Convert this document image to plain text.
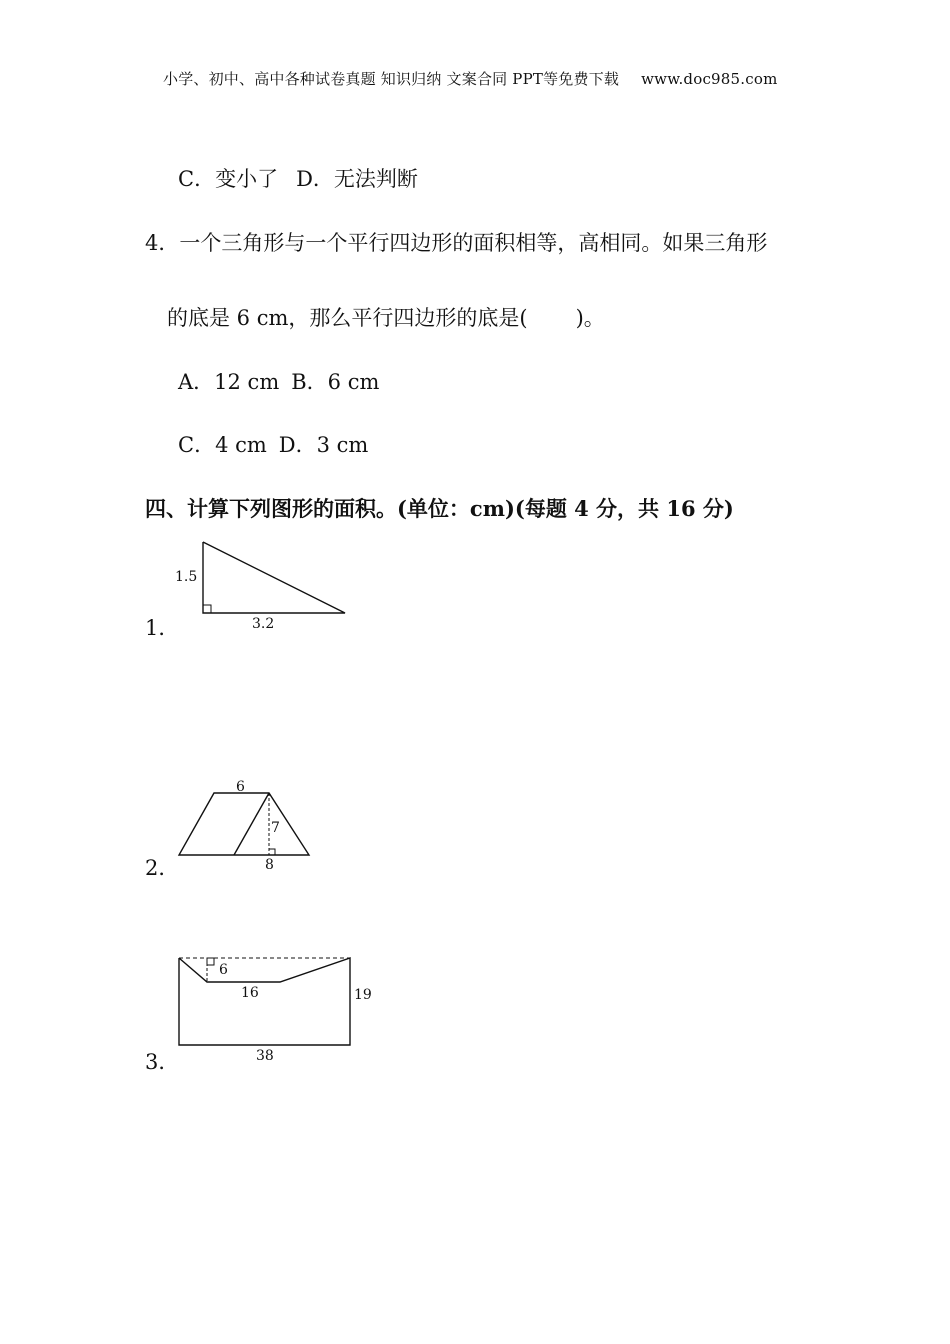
小学、初中、高中各种试卷真题 知识归纳 文案合同 PPT等免费下载 www.doc985.com
C．变小了 D．无法判断
4．一个三角形与一个平行四边形的面积相等，高相同。如果三角形
的底是 6 cm，那么平行四边形的底是( )。
A．12 cm B．6 cm
C．4 cm D．3 cm
四、计算下列图形的面积。(单位：cm)(每题 4 分，共 16 分)
1．
1.5
3.2
6
7
8
6
16	19
38
2．
3．
